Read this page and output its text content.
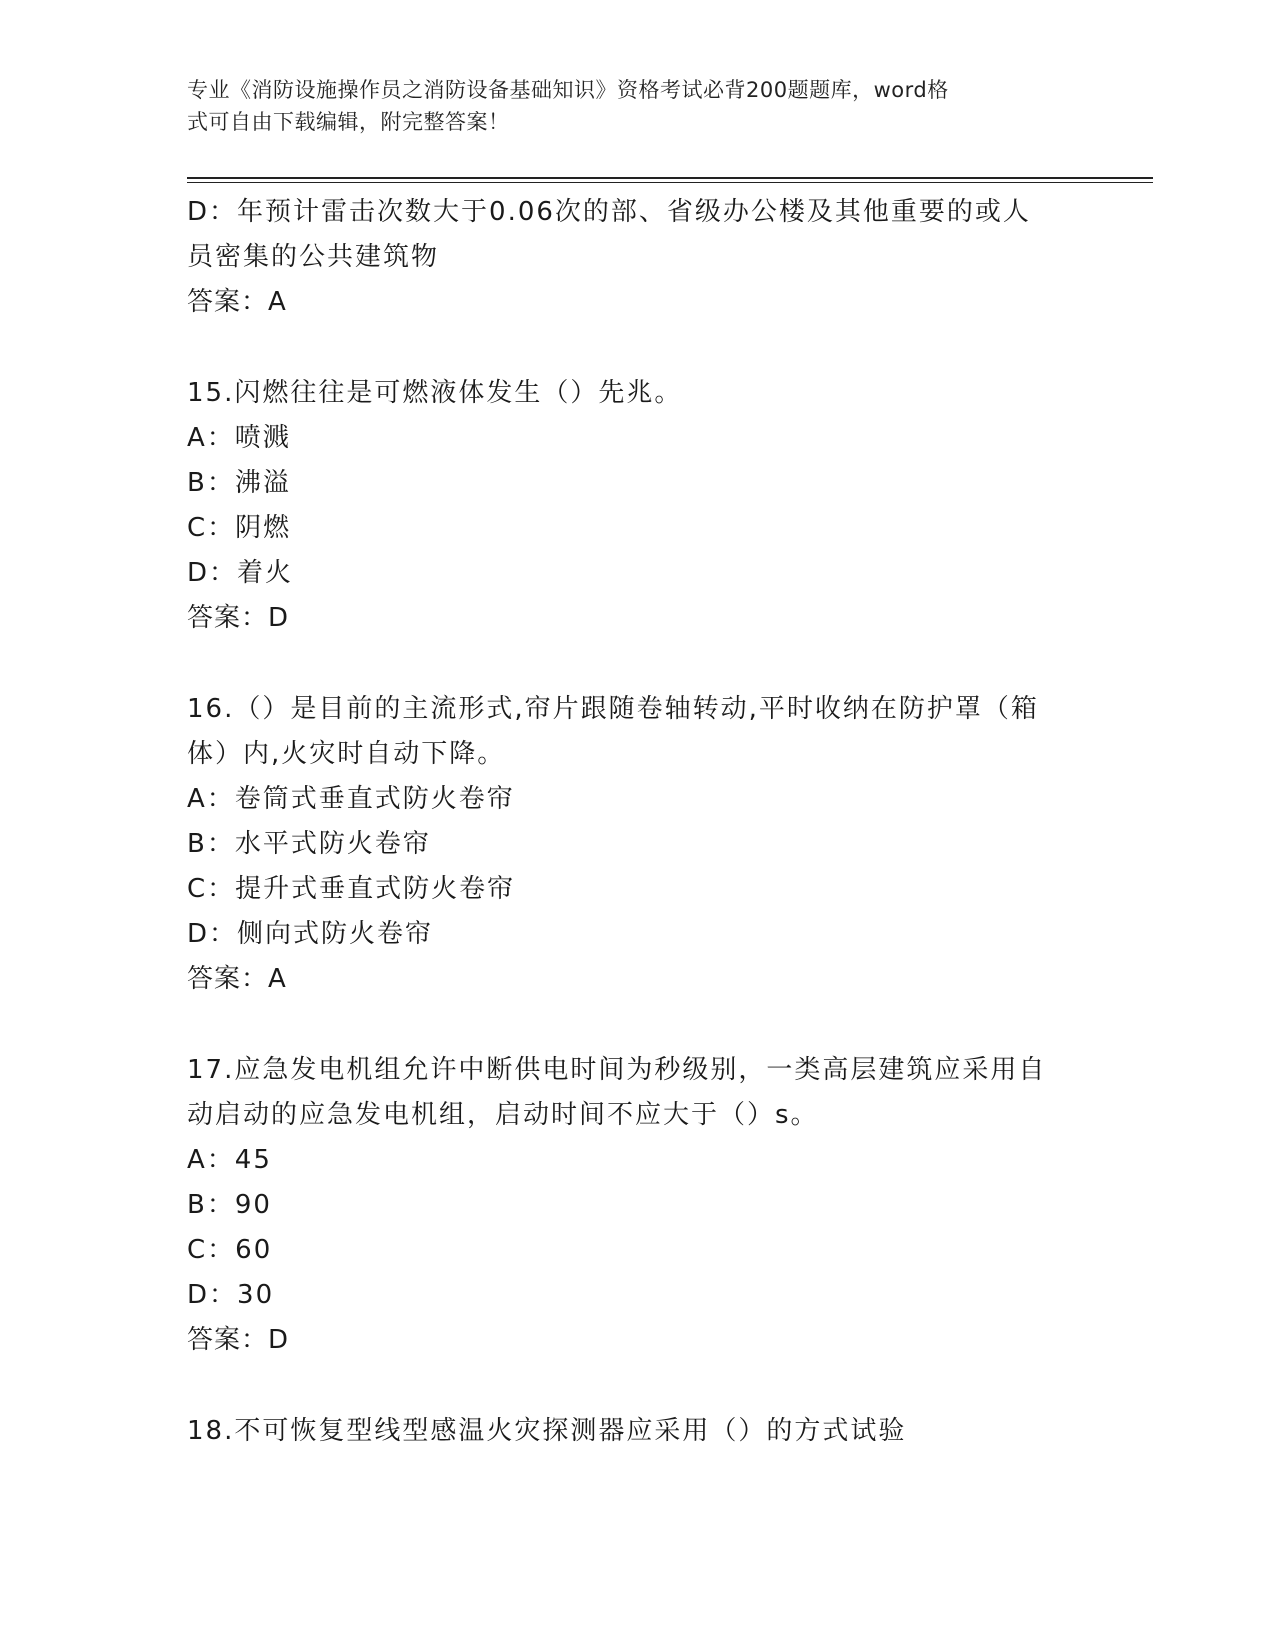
专业《消防设施操作员之消防设备基础知识》资格考试必背200题题库，word格
式可自由下载编辑，附完整答案！
D：年预计雷击次数大于0.06次的部、省级办公楼及其他重要的或人
员密集的公共建筑物
答案：A
15.闪燃往往是可燃液体发生（）先兆。
A：喷溅
B：沸溢
C：阴燃
D：着火
答案：D
16.（）是目前的主流形式,帘片跟随卷轴转动,平时收纳在防护罩（箱
体）内,火灾时自动下降。
A：卷筒式垂直式防火卷帘
B：水平式防火卷帘
C：提升式垂直式防火卷帘
D：侧向式防火卷帘
答案：A
17.应急发电机组允许中断供电时间为秒级别，一类高层建筑应采用自
动启动的应急发电机组，启动时间不应大于（）s。
A：45
B：90
C：60
D：30
答案：D
18.不可恢复型线型感温火灾探测器应采用（）的方式试验
